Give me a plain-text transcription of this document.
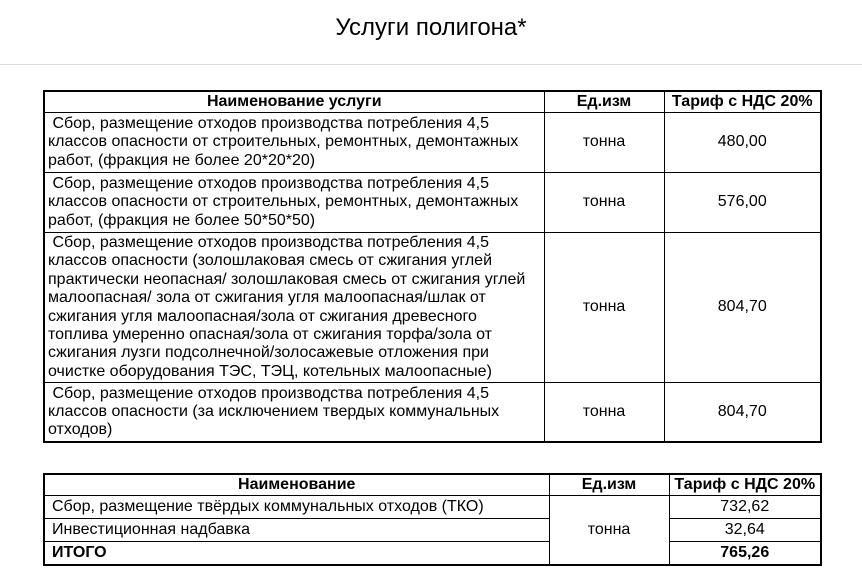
Услуги полигона*
Наименование услуги	Ед.изм	Тариф с НДС 20%
Сбор, размещение отходов производства потребления 4,5 классов опасности от строительных, ремонтных, демонтажных работ, (фракция не более 20*20*20)	тонна	480,00
Сбор, размещение отходов производства потребления 4,5 классов опасности от строительных, ремонтных, демонтажных работ, (фракция не более 50*50*50)	тонна	576,00
Сбор, размещение отходов производства потребления 4,5 классов опасности (золошлаковая смесь от сжигания углей практически неопасная/ золошлаковая смесь от сжигания углей малоопасная/ зола от сжигания угля малоопасная/шлак от сжигания угля малоопасная/зола от сжигания древесного топлива умеренно опасная/зола от сжигания торфа/зола от сжигания лузги подсолнечной/золосажевые отложения при очистке оборудования ТЭС, ТЭЦ, котельных малоопасные)	тонна	804,70
Сбор, размещение отходов производства потребления 4,5 классов опасности (за исключением твердых коммунальных отходов)	тонна	804,70
Наименование	Ед.изм	Тариф с НДС 20%
Сбор, размещение твёрдых коммунальных отходов (ТКО)	тонна	732,62
Инвестиционная надбавка		32,64
ИТОГО		765,26
